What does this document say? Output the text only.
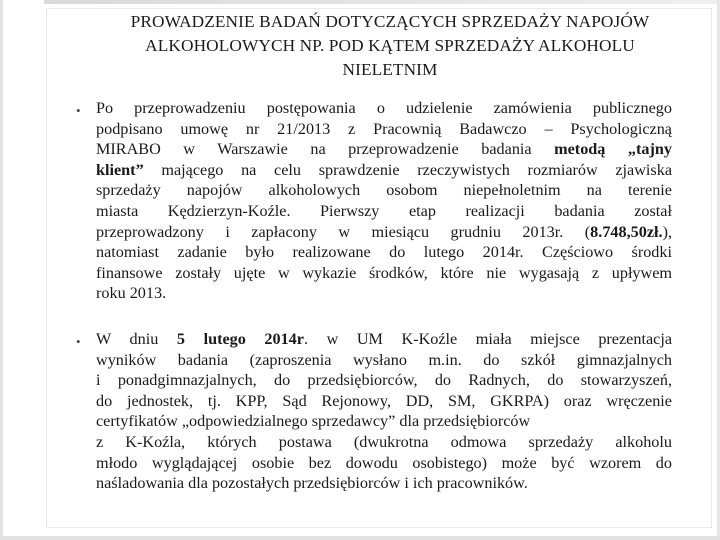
PROWADZENIE BADAŃ DOTYCZĄCYCH SPRZEDAŻY NAPOJÓW
ALKOHOLOWYCH NP. POD KĄTEM SPRZEDAŻY ALKOHOLU
NIELETNIM
• Po przeprowadzeniu postępowania o udzielenie zamówienia publicznego
podpisano umowę nr 21/2013 z Pracownią Badawczo – Psychologiczną
MIRABO w Warszawie na przeprowadzenie badania metodą „tajny
klient” mającego na celu sprawdzenie rzeczywistych rozmiarów zjawiska
sprzedaży napojów alkoholowych osobom niepełnoletnim na terenie
miasta Kędzierzyn-Koźle. Pierwszy etap realizacji badania został
przeprowadzony i zapłacony w miesiącu grudniu 2013r. (8.748,50zł.),
natomiast zadanie było realizowane do lutego 2014r. Częściowo środki
finansowe zostały ujęte w wykazie środków, które nie wygasają z upływem
roku 2013.

• W dniu 5 lutego 2014r. w UM K-Koźle miała miejsce prezentacja
wyników badania (zaproszenia wysłano m.in. do szkół gimnazjalnych
i ponadgimnazjalnych, do przedsiębiorców, do Radnych, do stowarzyszeń,
do jednostek, tj. KPP, Sąd Rejonowy, DD, SM, GKRPA) oraz wręczenie
certyfikatów „odpowiedzialnego sprzedawcy” dla przedsiębiorców
z K-Koźla, których postawa (dwukrotna odmowa sprzedaży alkoholu
młodo wyglądającej osobie bez dowodu osobistego) może być wzorem do
naśladowania dla pozostałych przedsiębiorców i ich pracowników.
